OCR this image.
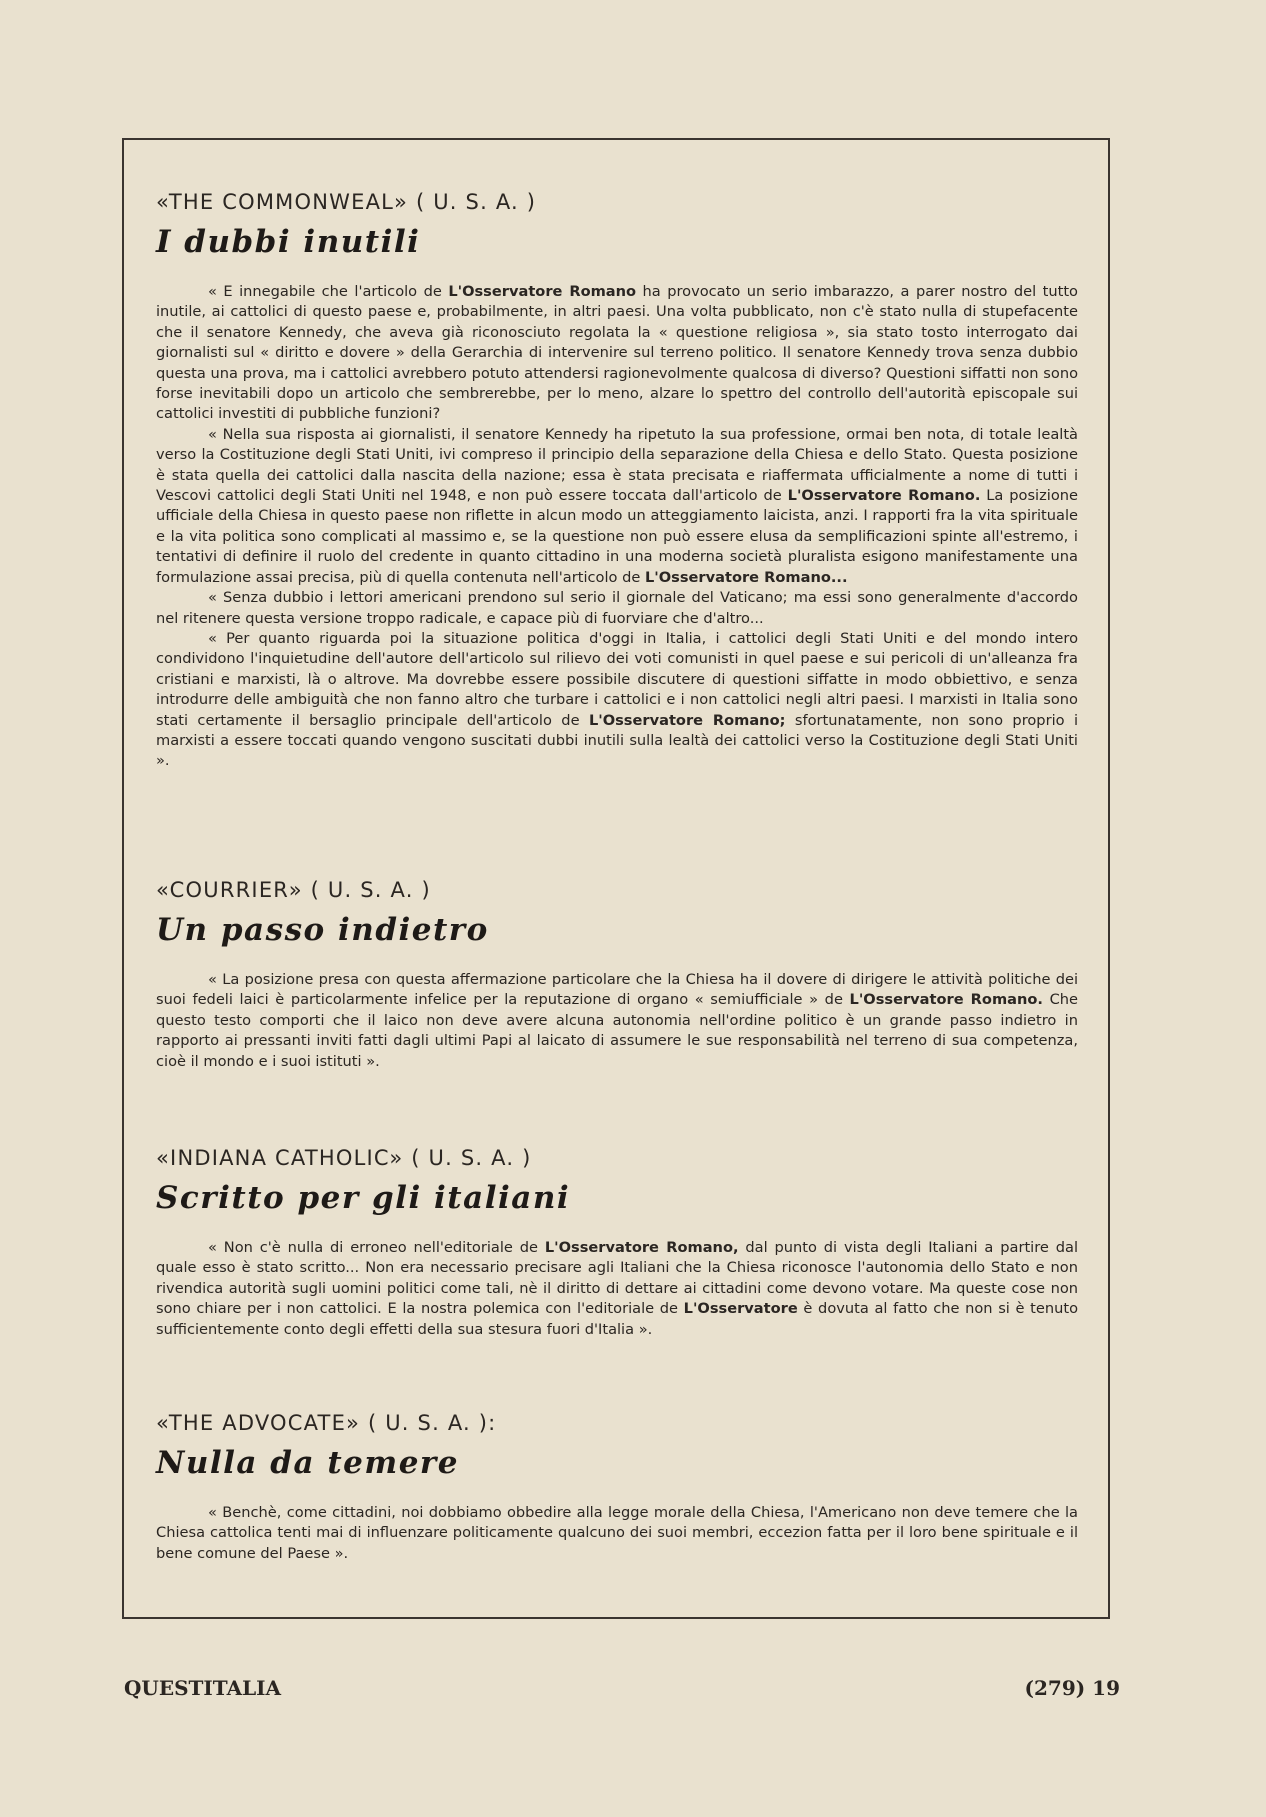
«THE COMMONWEAL» ( U. S. A. )
I dubbi inutili

« E innegabile che l'articolo de L'Osservatore Romano ha provocato un serio imbarazzo, a parer nostro del tutto inutile, ai cattolici di questo paese e, probabilmente, in altri paesi. Una volta pubblicato, non c'è stato nulla di stupefacente che il senatore Kennedy, che aveva già riconosciuto regolata la « questione religiosa », sia stato tosto interrogato dai giornalisti sul « diritto e dovere » della Gerarchia di intervenire sul terreno politico. Il senatore Kennedy trova senza dubbio questa una prova, ma i cattolici avrebbero potuto attendersi ragionevolmente qualcosa di diverso? Questioni siffatti non sono forse inevitabili dopo un articolo che sembrerebbe, per lo meno, alzare lo spettro del controllo dell'autorità episcopale sui cattolici investiti di pubbliche funzioni?

« Nella sua risposta ai giornalisti, il senatore Kennedy ha ripetuto la sua professione, ormai ben nota, di totale lealtà verso la Costituzione degli Stati Uniti, ivi compreso il principio della separazione della Chiesa e dello Stato. Questa posizione è stata quella dei cattolici dalla nascita della nazione; essa è stata precisata e riaffermata ufficialmente a nome di tutti i Vescovi cattolici degli Stati Uniti nel 1948, e non può essere toccata dall'articolo de L'Osservatore Romano. La posizione ufficiale della Chiesa in questo paese non riflette in alcun modo un atteggiamento laicista, anzi. I rapporti fra la vita spirituale e la vita politica sono complicati al massimo e, se la questione non può essere elusa da semplificazioni spinte all'estremo, i tentativi di definire il ruolo del credente in quanto cittadino in una moderna società pluralista esigono manifestamente una formulazione assai precisa, più di quella contenuta nell'articolo de L'Osservatore Romano...

« Senza dubbio i lettori americani prendono sul serio il giornale del Vaticano; ma essi sono generalmente d'accordo nel ritenere questa versione troppo radicale, e capace più di fuorviare che d'altro...

« Per quanto riguarda poi la situazione politica d'oggi in Italia, i cattolici degli Stati Uniti e del mondo intero condividono l'inquietudine dell'autore dell'articolo sul rilievo dei voti comunisti in quel paese e sui pericoli di un'alleanza fra cristiani e marxisti, là o altrove. Ma dovrebbe essere possibile discutere di questioni siffatte in modo obbiettivo, e senza introdurre delle ambiguità che non fanno altro che turbare i cattolici e i non cattolici negli altri paesi. I marxisti in Italia sono stati certamente il bersaglio principale dell'articolo de L'Osservatore Romano; sfortunatamente, non sono proprio i marxisti a essere toccati quando vengono suscitati dubbi inutili sulla lealtà dei cattolici verso la Costituzione degli Stati Uniti ».

«COURRIER» ( U. S. A. )
Un passo indietro

« La posizione presa con questa affermazione particolare che la Chiesa ha il dovere di dirigere le attività politiche dei suoi fedeli laici è particolarmente infelice per la reputazione di organo « semiufficiale » de L'Osservatore Romano. Che questo testo comporti che il laico non deve avere alcuna autonomia nell'ordine politico è un grande passo indietro in rapporto ai pressanti inviti fatti dagli ultimi Papi al laicato di assumere le sue responsabilità nel terreno di sua competenza, cioè il mondo e i suoi istituti ».

«INDIANA CATHOLIC» ( U. S. A. )
Scritto per gli italiani

« Non c'è nulla di erroneo nell'editoriale de L'Osservatore Romano, dal punto di vista degli Italiani a partire dal quale esso è stato scritto... Non era necessario precisare agli Italiani che la Chiesa riconosce l'autonomia dello Stato e non rivendica autorità sugli uomini politici come tali, nè il diritto di dettare ai cittadini come devono votare. Ma queste cose non sono chiare per i non cattolici. E la nostra polemica con l'editoriale de L'Osservatore è dovuta al fatto che non si è tenuto sufficientemente conto degli effetti della sua stesura fuori d'Italia ».

«THE ADVOCATE» ( U. S. A. ):
Nulla da temere

« Benchè, come cittadini, noi dobbiamo obbedire alla legge morale della Chiesa, l'Americano non deve temere che la Chiesa cattolica tenti mai di influenzare politicamente qualcuno dei suoi membri, eccezion fatta per il loro bene spirituale e il bene comune del Paese ».

QUESTITALIA	(279) 19
